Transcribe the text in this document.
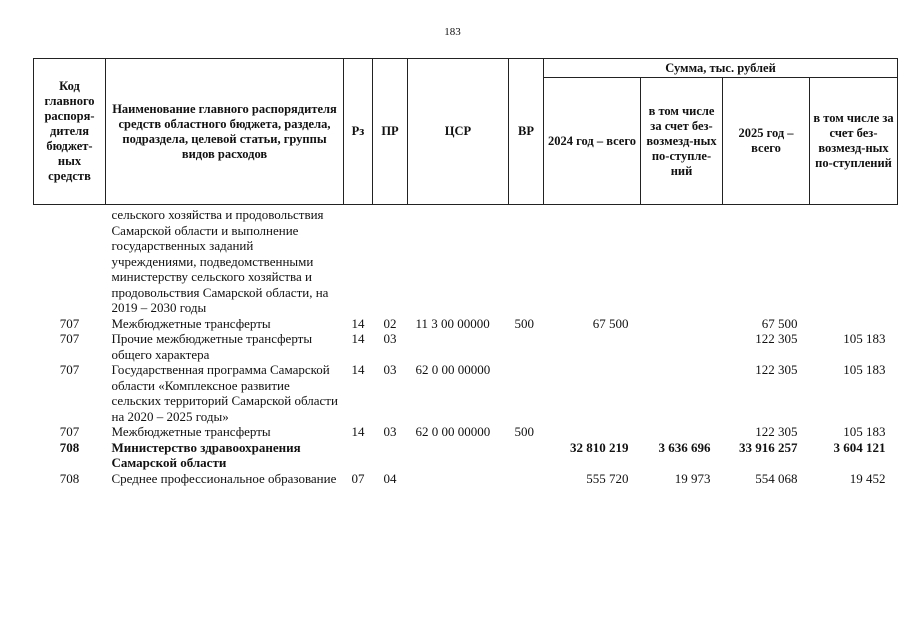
183
Код главного распоря-дителя бюджет-ных средств	Наименование главного распорядителя средств областного бюджета, раздела, подраздела, целевой статьи, группы видов расходов	Рз	ПР	ЦСР	ВР	Сумма, тыс. рублей			
						2024 год – всего	в том числе за счет без-возмезд-ных по-ступле-ний	2025 год – всего	в том числе за счет без-возмезд-ных по-ступлений
	сельского хозяйства и продовольствия Самарской области и выполнение государственных заданий учреждениями, подведомственными министерству сельского хозяйства и продовольствия Самарской области, на 2019 – 2030 годы								
707	Межбюджетные трансферты	14	02	11 3 00 00000	500	67 500		67 500	
707	Прочие межбюджетные трансферты общего характера	14	03					122 305	105 183
707	Государственная программа Самарской области «Комплексное развитие сельских территорий Самарской области на 2020 – 2025 годы»	14	03	62 0 00 00000				122 305	105 183
707	Межбюджетные трансферты	14	03	62 0 00 00000	500			122 305	105 183
708	Министерство здравоохранения Самарской области					32 810 219	3 636 696	33 916 257	3 604 121
708	Среднее профессиональное образование	07	04			555 720	19 973	554 068	19 452
